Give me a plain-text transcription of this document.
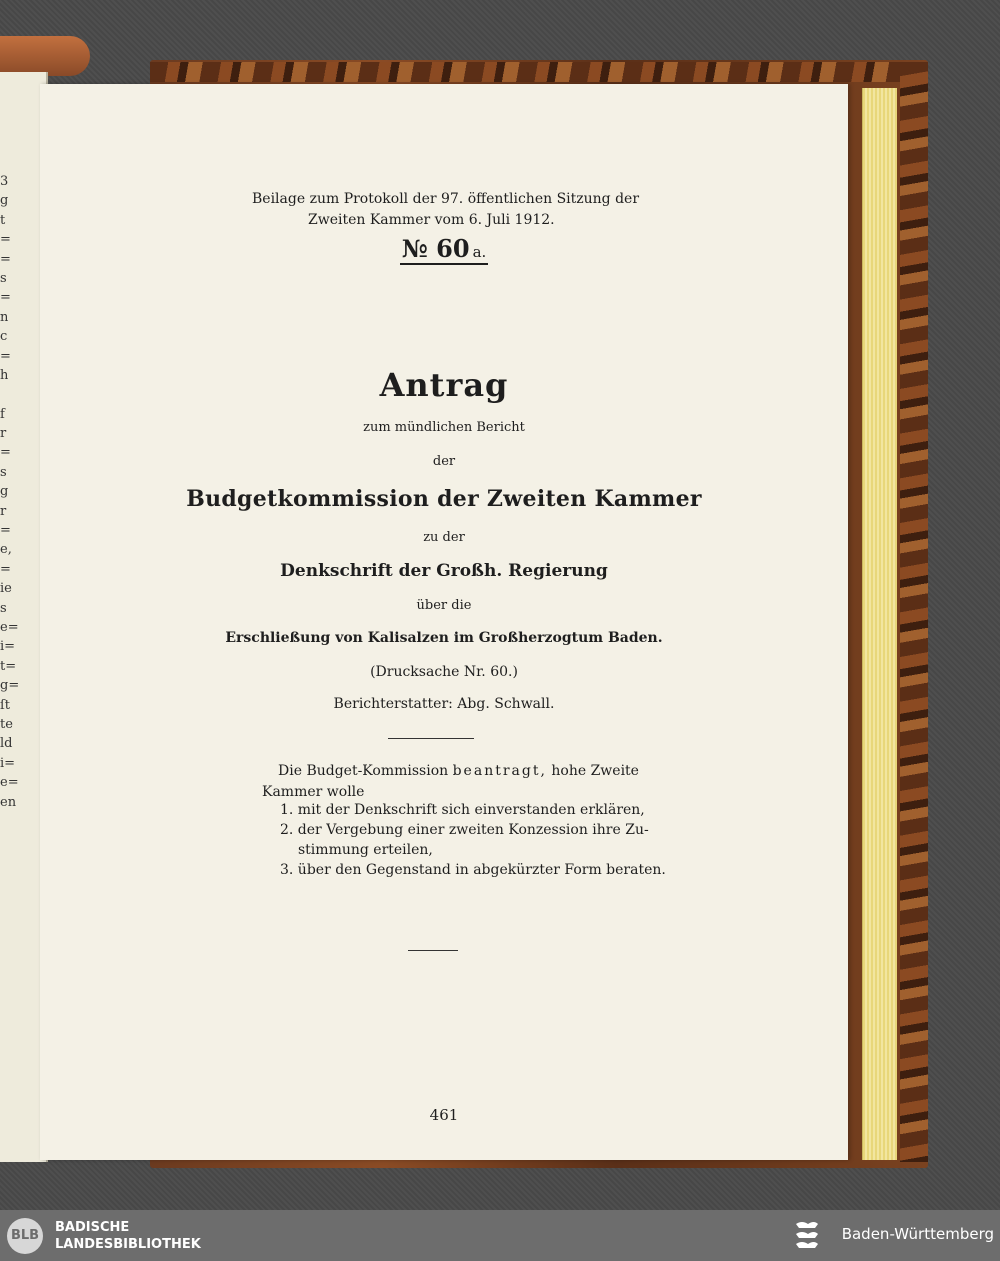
3
g
t
=
=
s
=
n
c
=
h
f
r
=
s
g
r
=
e,
=
ie
s
e=
i=
t=
g=
ſt
te
ld
i=
e=
en

№ 60 a.
Beilage zum Protokoll der 97. öffentlichen Sitzung der
Zweiten Kammer vom 6. Juli 1912.
Antrag
zum mündlichen Bericht
der
Budgetkommission der Zweiten Kammer
zu der
Denkschrift der Großh. Regierung
über die
Erschließung von Kalisalzen im Großherzogtum Baden.
(Drucksache Nr. 60.)
Berichterstatter: Abg. Schwall.
Die Budget-Kommission beantragt, hohe Zweite
Kammer wolle
1. mit der Denkschrift sich einverstanden erklären,
2. der Vergebung einer zweiten Konzession ihre Zu-
stimmung erteilen,
3. über den Gegenstand in abgekürzter Form beraten.
461
BLB
BADISCHE
LANDESBIBLIOTHEK
Baden-Württemberg
